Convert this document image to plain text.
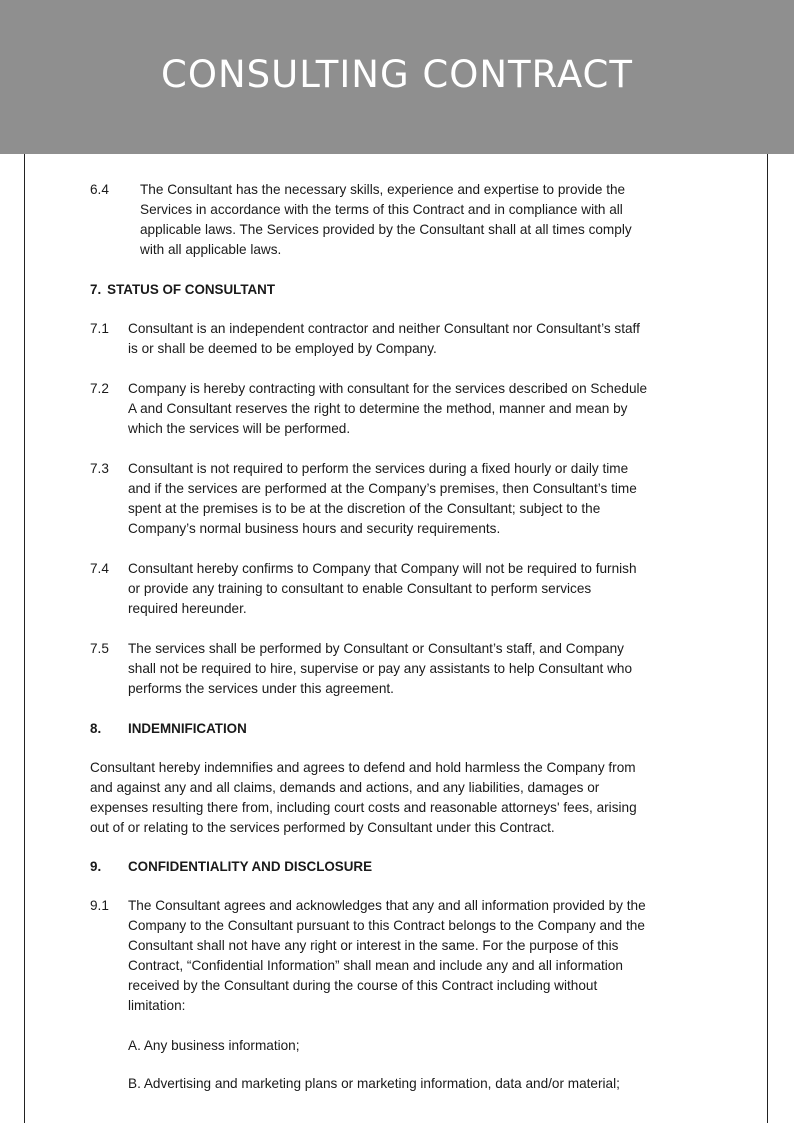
CONSULTING CONTRACT
6.4	The Consultant has the necessary skills, experience and expertise to provide the
Services in accordance with the terms of this Contract and in compliance with all
applicable laws. The Services provided by the Consultant shall at all times comply
with all applicable laws.
7. STATUS OF CONSULTANT
7.1	Consultant is an independent contractor and neither Consultant nor Consultant’s staff
is or shall be deemed to be employed by Company.
7.2	Company is hereby contracting with consultant for the services described on Schedule
A and Consultant reserves the right to determine the method, manner and mean by
which the services will be performed.
7.3	Consultant is not required to perform the services during a fixed hourly or daily time
and if the services are performed at the Company’s premises, then Consultant’s time
spent at the premises is to be at the discretion of the Consultant; subject to the
Company’s normal business hours and security requirements.
7.4	Consultant hereby confirms to Company that Company will not be required to furnish
or provide any training to consultant to enable Consultant to perform services
required hereunder.
7.5	The services shall be performed by Consultant or Consultant’s staff, and Company
shall not be required to hire, supervise or pay any assistants to help Consultant who
performs the services under this agreement.
8.	INDEMNIFICATION
Consultant hereby indemnifies and agrees to defend and hold harmless the Company from
and against any and all claims, demands and actions, and any liabilities, damages or
expenses resulting there from, including court costs and reasonable attorneys' fees, arising
out of or relating to the services performed by Consultant under this Contract.
9.	CONFIDENTIALITY AND DISCLOSURE
9.1	The Consultant agrees and acknowledges that any and all information provided by the
Company to the Consultant pursuant to this Contract belongs to the Company and the
Consultant shall not have any right or interest in the same. For the purpose of this
Contract, “Confidential Information” shall mean and include any and all information
received by the Consultant during the course of this Contract including without
limitation:
A. Any business information;
B. Advertising and marketing plans or marketing information, data and/or material;
